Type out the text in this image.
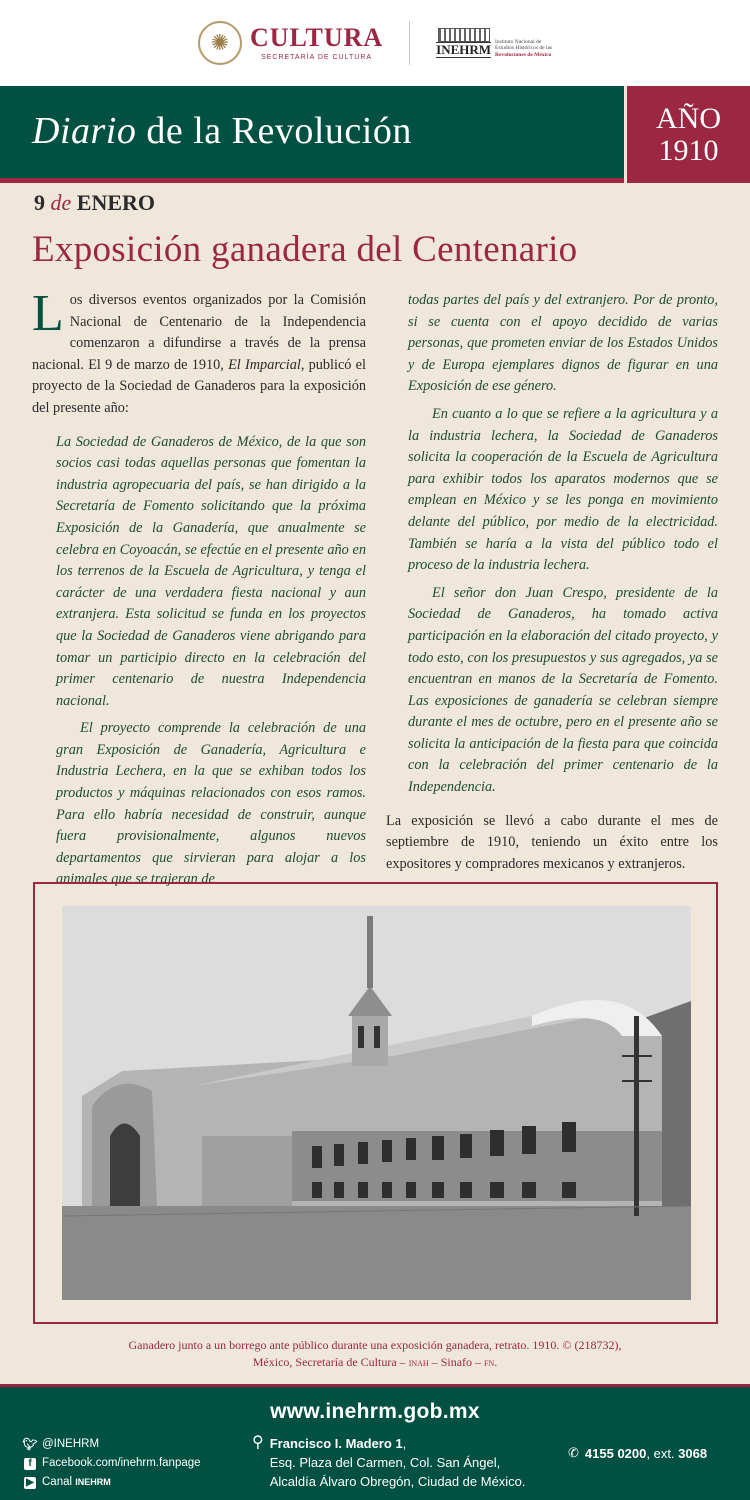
✺ CULTURA
SECRETARÍA DE CULTURA
INEHRM
Instituto Nacional de
Estudios Históricos de las
Revoluciones de México
Diario de la Revolución	AÑO
1910
9 de ENERO
Exposición ganadera del Centenario

Los diversos eventos organizados por la Comisión Nacional de Centenario de la Independencia comenzaron a difundirse a través de la prensa nacional. El 9 de marzo de 1910, El Imparcial, publicó el proyecto de la Sociedad de Ganaderos para la exposición del presente año:

La Sociedad de Ganaderos de México, de la que son socios casi todas aquellas personas que fomentan la industria agropecuaria del país, se han dirigido a la Secretaría de Fomento solicitando que la próxima Exposición de la Ganadería, que anualmente se celebra en Coyoacán, se efectúe en el presente año en los terrenos de la Escuela de Agricultura, y tenga el carácter de una verdadera fiesta nacional y aun extranjera. Esta solicitud se funda en los proyectos que la Sociedad de Ganaderos viene abrigando para tomar un participio directo en la celebración del primer centenario de nuestra Independencia nacional.

El proyecto comprende la celebración de una gran Exposición de Ganadería, Agricultura e Industria Lechera, en la que se exhiban todos los productos y máquinas relacionados con esos ramos. Para ello habría necesidad de construir, aunque fuera provisionalmente, algunos nuevos departamentos que sirvieran para alojar a los animales que se trajeran de

todas partes del país y del extranjero. Por de pronto, si se cuenta con el apoyo decidido de varias personas, que prometen enviar de los Estados Unidos y de Europa ejemplares dignos de figurar en una Exposición de ese género.

En cuanto a lo que se refiere a la agricultura y a la industria lechera, la Sociedad de Ganaderos solicita la cooperación de la Escuela de Agricultura para exhibir todos los aparatos modernos que se emplean en México y se les ponga en movimiento delante del público, por medio de la electricidad. También se haría a la vista del público todo el proceso de la industria lechera.

El señor don Juan Crespo, presidente de la Sociedad de Ganaderos, ha tomado activa participación en la elaboración del citado proyecto, y todo esto, con los presupuestos y sus agregados, ya se encuentran en manos de la Secretaría de Fomento. Las exposiciones de ganadería se celebran siempre durante el mes de octubre, pero en el presente año se solicita la anticipación de la fiesta para que coincida con la celebración del primer centenario de la Independencia.

La exposición se llevó a cabo durante el mes de septiembre de 1910, teniendo un éxito entre los expositores y compradores mexicanos y extranjeros.

Ganadero junto a un borrego ante público durante una exposición ganadera, retrato. 1910. © (218732),
México, Secretaría de Cultura – inah – Sinafo – fn.
www.inehrm.gob.mx
🐦︎ @INEHRM
f Facebook.com/inehrm.fanpage
▶ Canal INEHRM
⚲ Francisco I. Madero 1,
Esq. Plaza del Carmen, Col. San Ángel,
Alcaldía Álvaro Obregón, Ciudad de México.
✆ 4155 0200, ext. 3068
